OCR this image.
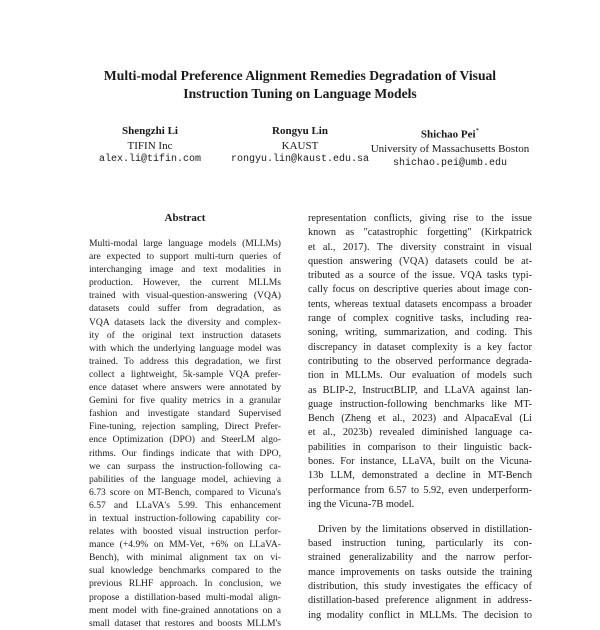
Multi-modal Preference Alignment Remedies Degradation of Visual
Instruction Tuning on Language Models
Shengzhi Li
TIFIN Inc
alex.li@tifin.com
Rongyu Lin
KAUST
rongyu.lin@kaust.edu.sa
Shichao Pei*
University of Massachusetts Boston
shichao.pei@umb.edu
Abstract
Multi-modal large language models (MLLMs)
are expected to support multi-turn queries of
interchanging image and text modalities in
production. However, the current MLLMs
trained with visual-question-answering (VQA)
datasets could suffer from degradation, as
VQA datasets lack the diversity and complex-
ity of the original text instruction datasets
with which the underlying language model was
trained. To address this degradation, we first
collect a lightweight, 5k-sample VQA prefer-
ence dataset where answers were annotated by
Gemini for five quality metrics in a granular
fashion and investigate standard Supervised
Fine-tuning, rejection sampling, Direct Prefer-
ence Optimization (DPO) and SteerLM algo-
rithms. Our findings indicate that with DPO,
we can surpass the instruction-following ca-
pabilities of the language model, achieving a
6.73 score on MT-Bench, compared to Vicuna's
6.57 and LLaVA's 5.99. This enhancement
in textual instruction-following capability cor-
relates with boosted visual instruction perfor-
mance (+4.9% on MM-Vet, +6% on LLaVA-
Bench), with minimal alignment tax on vi-
sual knowledge benchmarks compared to the
previous RLHF approach. In conclusion, we
propose a distillation-based multi-modal align-
ment model with fine-grained annotations on a
small dataset that restores and boosts MLLM's
representation conflicts, giving rise to the issue
known as "catastrophic forgetting" (Kirkpatrick
et al., 2017). The diversity constraint in visual
question answering (VQA) datasets could be at-
tributed as a source of the issue. VQA tasks typi-
cally focus on descriptive queries about image con-
tents, whereas textual datasets encompass a broader
range of complex cognitive tasks, including rea-
soning, writing, summarization, and coding. This
discrepancy in dataset complexity is a key factor
contributing to the observed performance degrada-
tion in MLLMs. Our evaluation of models such
as BLIP-2, InstructBLIP, and LLaVA against lan-
guage instruction-following benchmarks like MT-
Bench (Zheng et al., 2023) and AlpacaEval (Li
et al., 2023b) revealed diminished language ca-
pabilities in comparison to their linguistic back-
bones. For instance, LLaVA, built on the Vicuna-
13b LLM, demonstrated a decline in MT-Bench
performance from 6.57 to 5.92, even underperform-
ing the Vicuna-7B model.
Driven by the limitations observed in distillation-
based instruction tuning, particularly its con-
strained generalizability and the narrow perfor-
mance improvements on tasks outside the training
distribution, this study investigates the efficacy of
distillation-based preference alignment in address-
ing modality conflict in MLLMs. The decision to
